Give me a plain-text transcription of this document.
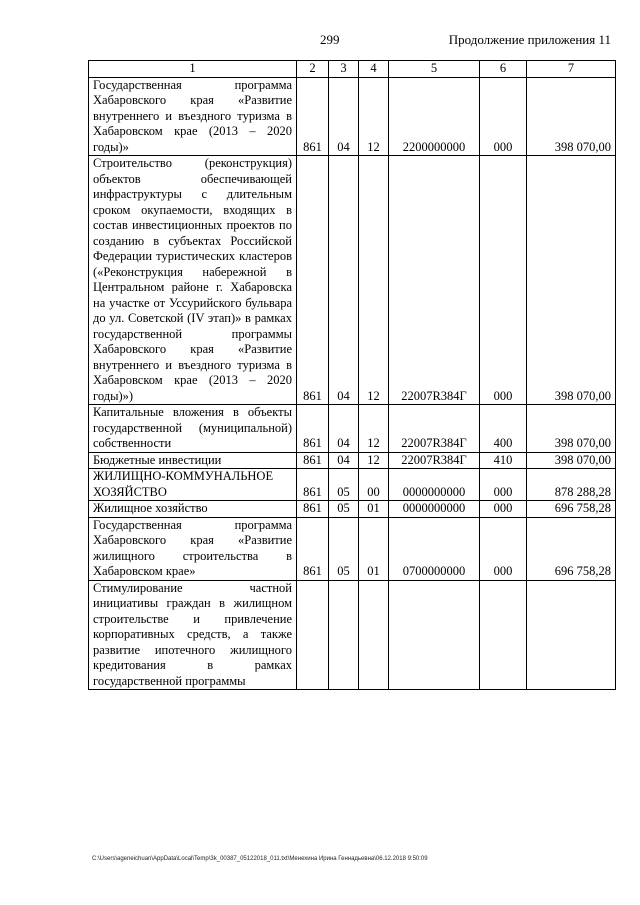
299	Продолжение приложения 11
1	2	3	4	5	6	7
Государственная программа Хабаровского края «Развитие внутреннего и въездного туризма в Хабаровском крае (2013 – 2020 годы)»	861	04	12	2200000000	000	398 070,00
Строительство (реконструкция) объектов обеспечивающей инфраструктуры с длительным сроком окупаемости, входящих в состав инвестиционных проектов по созданию в субъектах Российской Федерации туристических кластеров («Реконструкция набережной в Центральном районе г. Хабаровска на участке от Уссурийского бульвара до ул. Советской (IV этап)» в рамках государственной программы Хабаровского края «Развитие внутреннего и въездного туризма в Хабаровском крае (2013 – 2020 годы)»)	861	04	12	22007R384Г	000	398 070,00
Капитальные вложения в объекты государственной (муниципальной) собственности	861	04	12	22007R384Г	400	398 070,00
Бюджетные инвестиции	861	04	12	22007R384Г	410	398 070,00
ЖИЛИЩНО-КОММУНАЛЬНОЕ ХОЗЯЙСТВО	861	05	00	0000000000	000	878 288,28
Жилищное хозяйство	861	05	01	0000000000	000	696 758,28
Государственная программа Хабаровского края «Развитие жилищного строительства в Хабаровском крае»	861	05	01	0700000000	000	696 758,28
Стимулирование частной инициативы граждан в жилищном строительстве и привлечение корпоративных средств, а также развитие ипотечного жилищного кредитования в рамках государственной программы						
C:\Users\ageneichuan\AppData\Local\Temp\3k_00387_05122018_011.txt\Менехина Ирина Геннадьевна\06.12.2018 9:50:09
